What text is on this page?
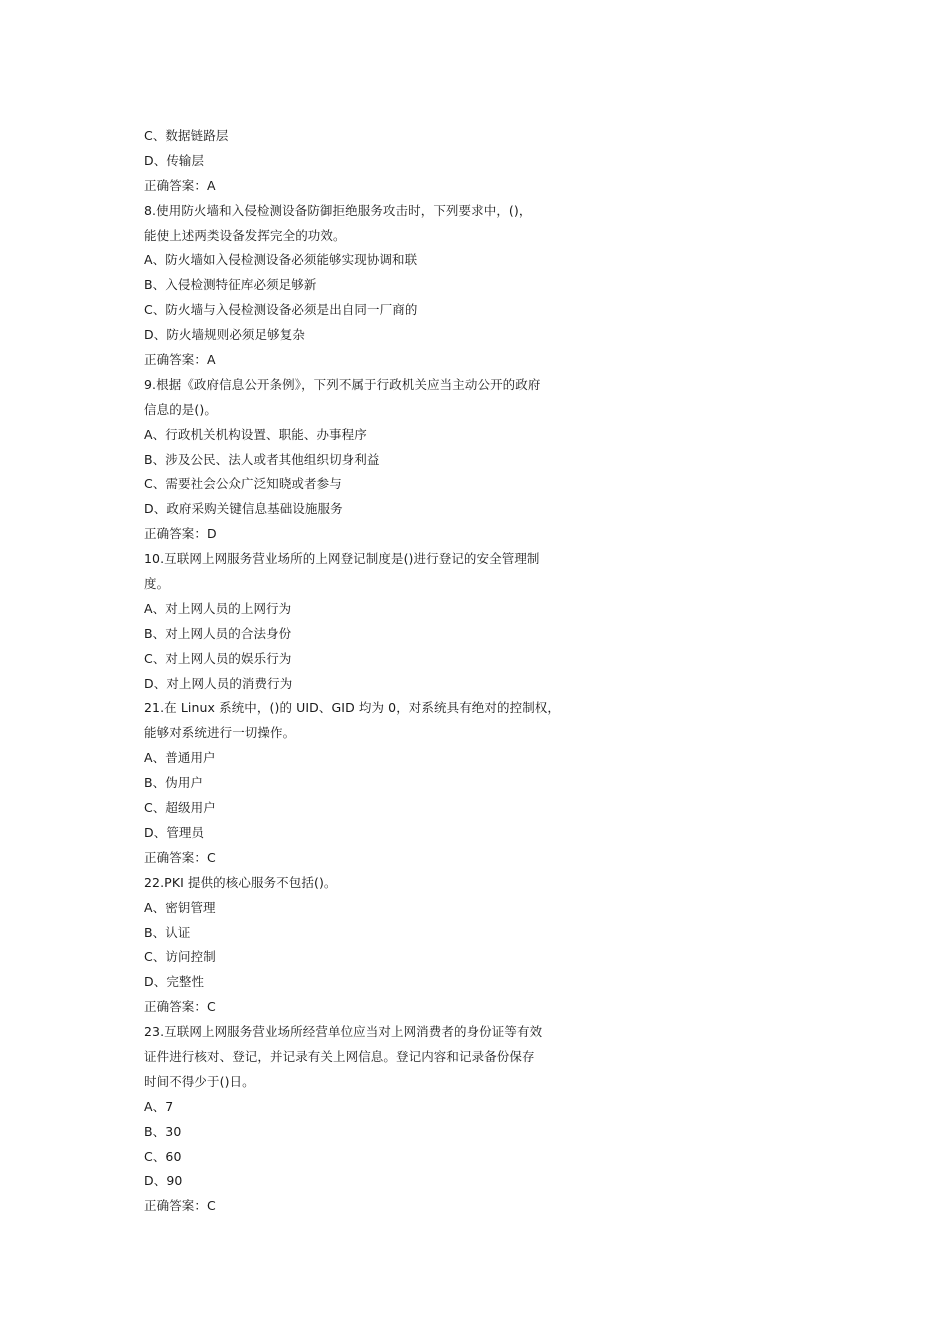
C、数据链路层
D、传输层
正确答案：A
8.使用防火墙和入侵检测设备防御拒绝服务攻击时，下列要求中，()，
能使上述两类设备发挥完全的功效。
A、防火墙如入侵检测设备必须能够实现协调和联
B、入侵检测特征库必须足够新
C、防火墙与入侵检测设备必须是出自同一厂商的
D、防火墙规则必须足够复杂
正确答案：A
9.根据《政府信息公开条例》，下列不属于行政机关应当主动公开的政府
信息的是()。
A、行政机关机构设置、职能、办事程序
B、涉及公民、法人或者其他组织切身利益
C、需要社会公众广泛知晓或者参与
D、政府采购关键信息基础设施服务
正确答案：D
10.互联网上网服务营业场所的上网登记制度是()进行登记的安全管理制
度。
A、对上网人员的上网行为
B、对上网人员的合法身份
C、对上网人员的娱乐行为
D、对上网人员的消费行为
21.在 Linux 系统中，()的 UID、GID 均为 0，对系统具有绝对的控制权，
能够对系统进行一切操作。
A、普通用户
B、伪用户
C、超级用户
D、管理员
正确答案：C
22.PKI 提供的核心服务不包括()。
A、密钥管理
B、认证
C、访问控制
D、完整性
正确答案：C
23.互联网上网服务营业场所经营单位应当对上网消费者的身份证等有效
证件进行核对、登记，并记录有关上网信息。登记内容和记录备份保存
时间不得少于()日。
A、7
B、30
C、60
D、90
正确答案：C
